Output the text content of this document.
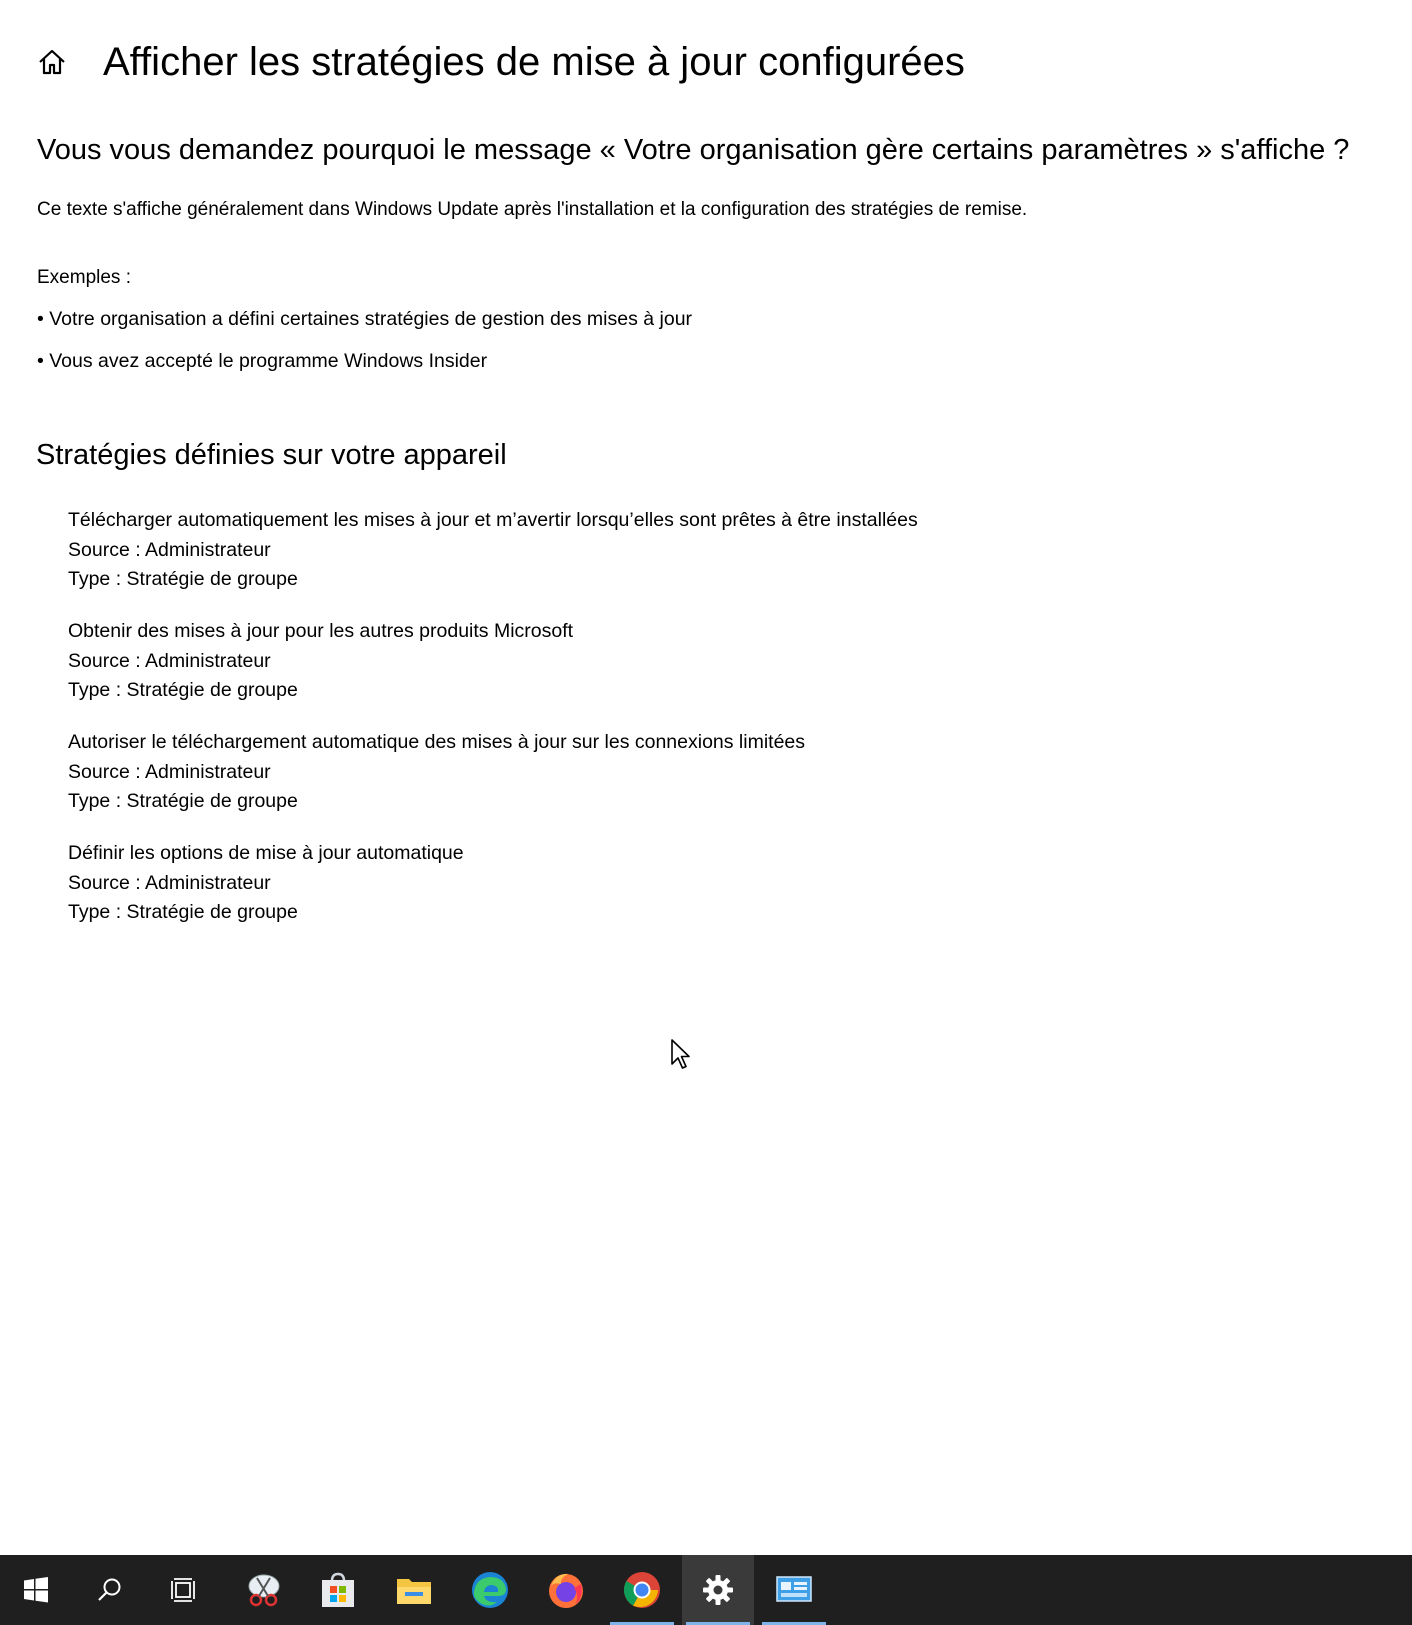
Afficher les stratégies de mise à jour configurées
Vous vous demandez pourquoi le message « Votre organisation gère certains paramètres » s'affiche ?
Ce texte s'affiche généralement dans Windows Update après l'installation et la configuration des stratégies de remise.
Exemples :
• Votre organisation a défini certaines stratégies de gestion des mises à jour
• Vous avez accepté le programme Windows Insider
Stratégies définies sur votre appareil
Télécharger automatiquement les mises à jour et m’avertir lorsqu’elles sont prêtes à être installées
Source : Administrateur
Type : Stratégie de groupe
Obtenir des mises à jour pour les autres produits Microsoft
Source : Administrateur
Type : Stratégie de groupe
Autoriser le téléchargement automatique des mises à jour sur les connexions limitées
Source : Administrateur
Type : Stratégie de groupe
Définir les options de mise à jour automatique
Source : Administrateur
Type : Stratégie de groupe
